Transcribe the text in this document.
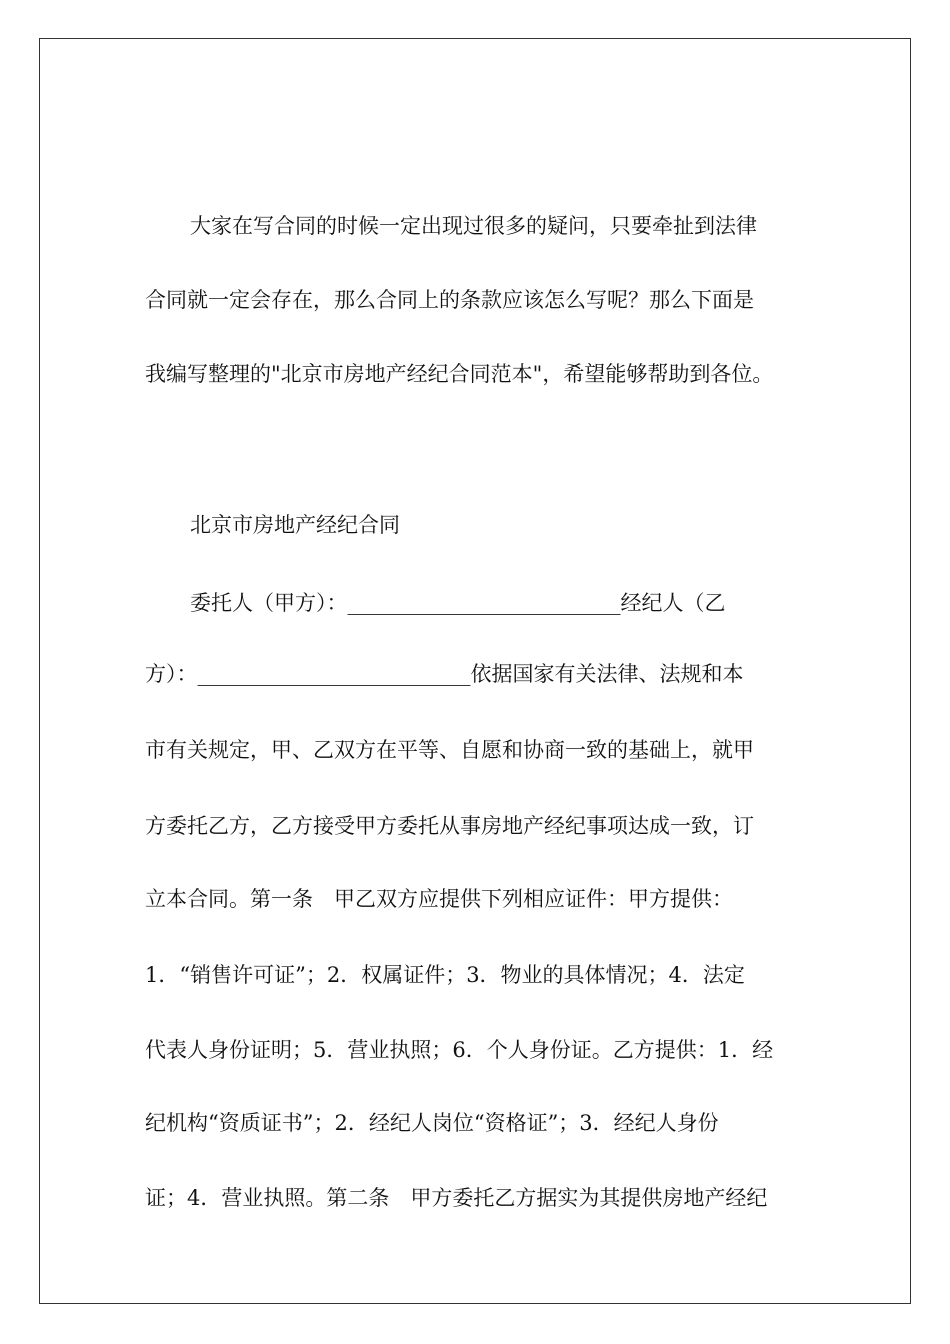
大家在写合同的时候一定出现过很多的疑问，只要牵扯到法律
合同就一定会存在，那么合同上的条款应该怎么写呢？那么下面是
我编写整理的"北京市房地产经纪合同范本"，希望能够帮助到各位。
北京市房地产经纪合同
委托人（甲方）：__________________________经纪人（乙
方）：__________________________依据国家有关法律、法规和本
市有关规定，甲、乙双方在平等、自愿和协商一致的基础上，就甲
方委托乙方，乙方接受甲方委托从事房地产经纪事项达成一致，订
立本合同。第一条　甲乙双方应提供下列相应证件：甲方提供：
1．“销售许可证”；2．权属证件；3．物业的具体情况；4．法定
代表人身份证明；5．营业执照；6．个人身份证。乙方提供：1．经
纪机构“资质证书”；2．经纪人岗位“资格证”；3．经纪人身份
证；4．营业执照。第二条　甲方委托乙方据实为其提供房地产经纪
